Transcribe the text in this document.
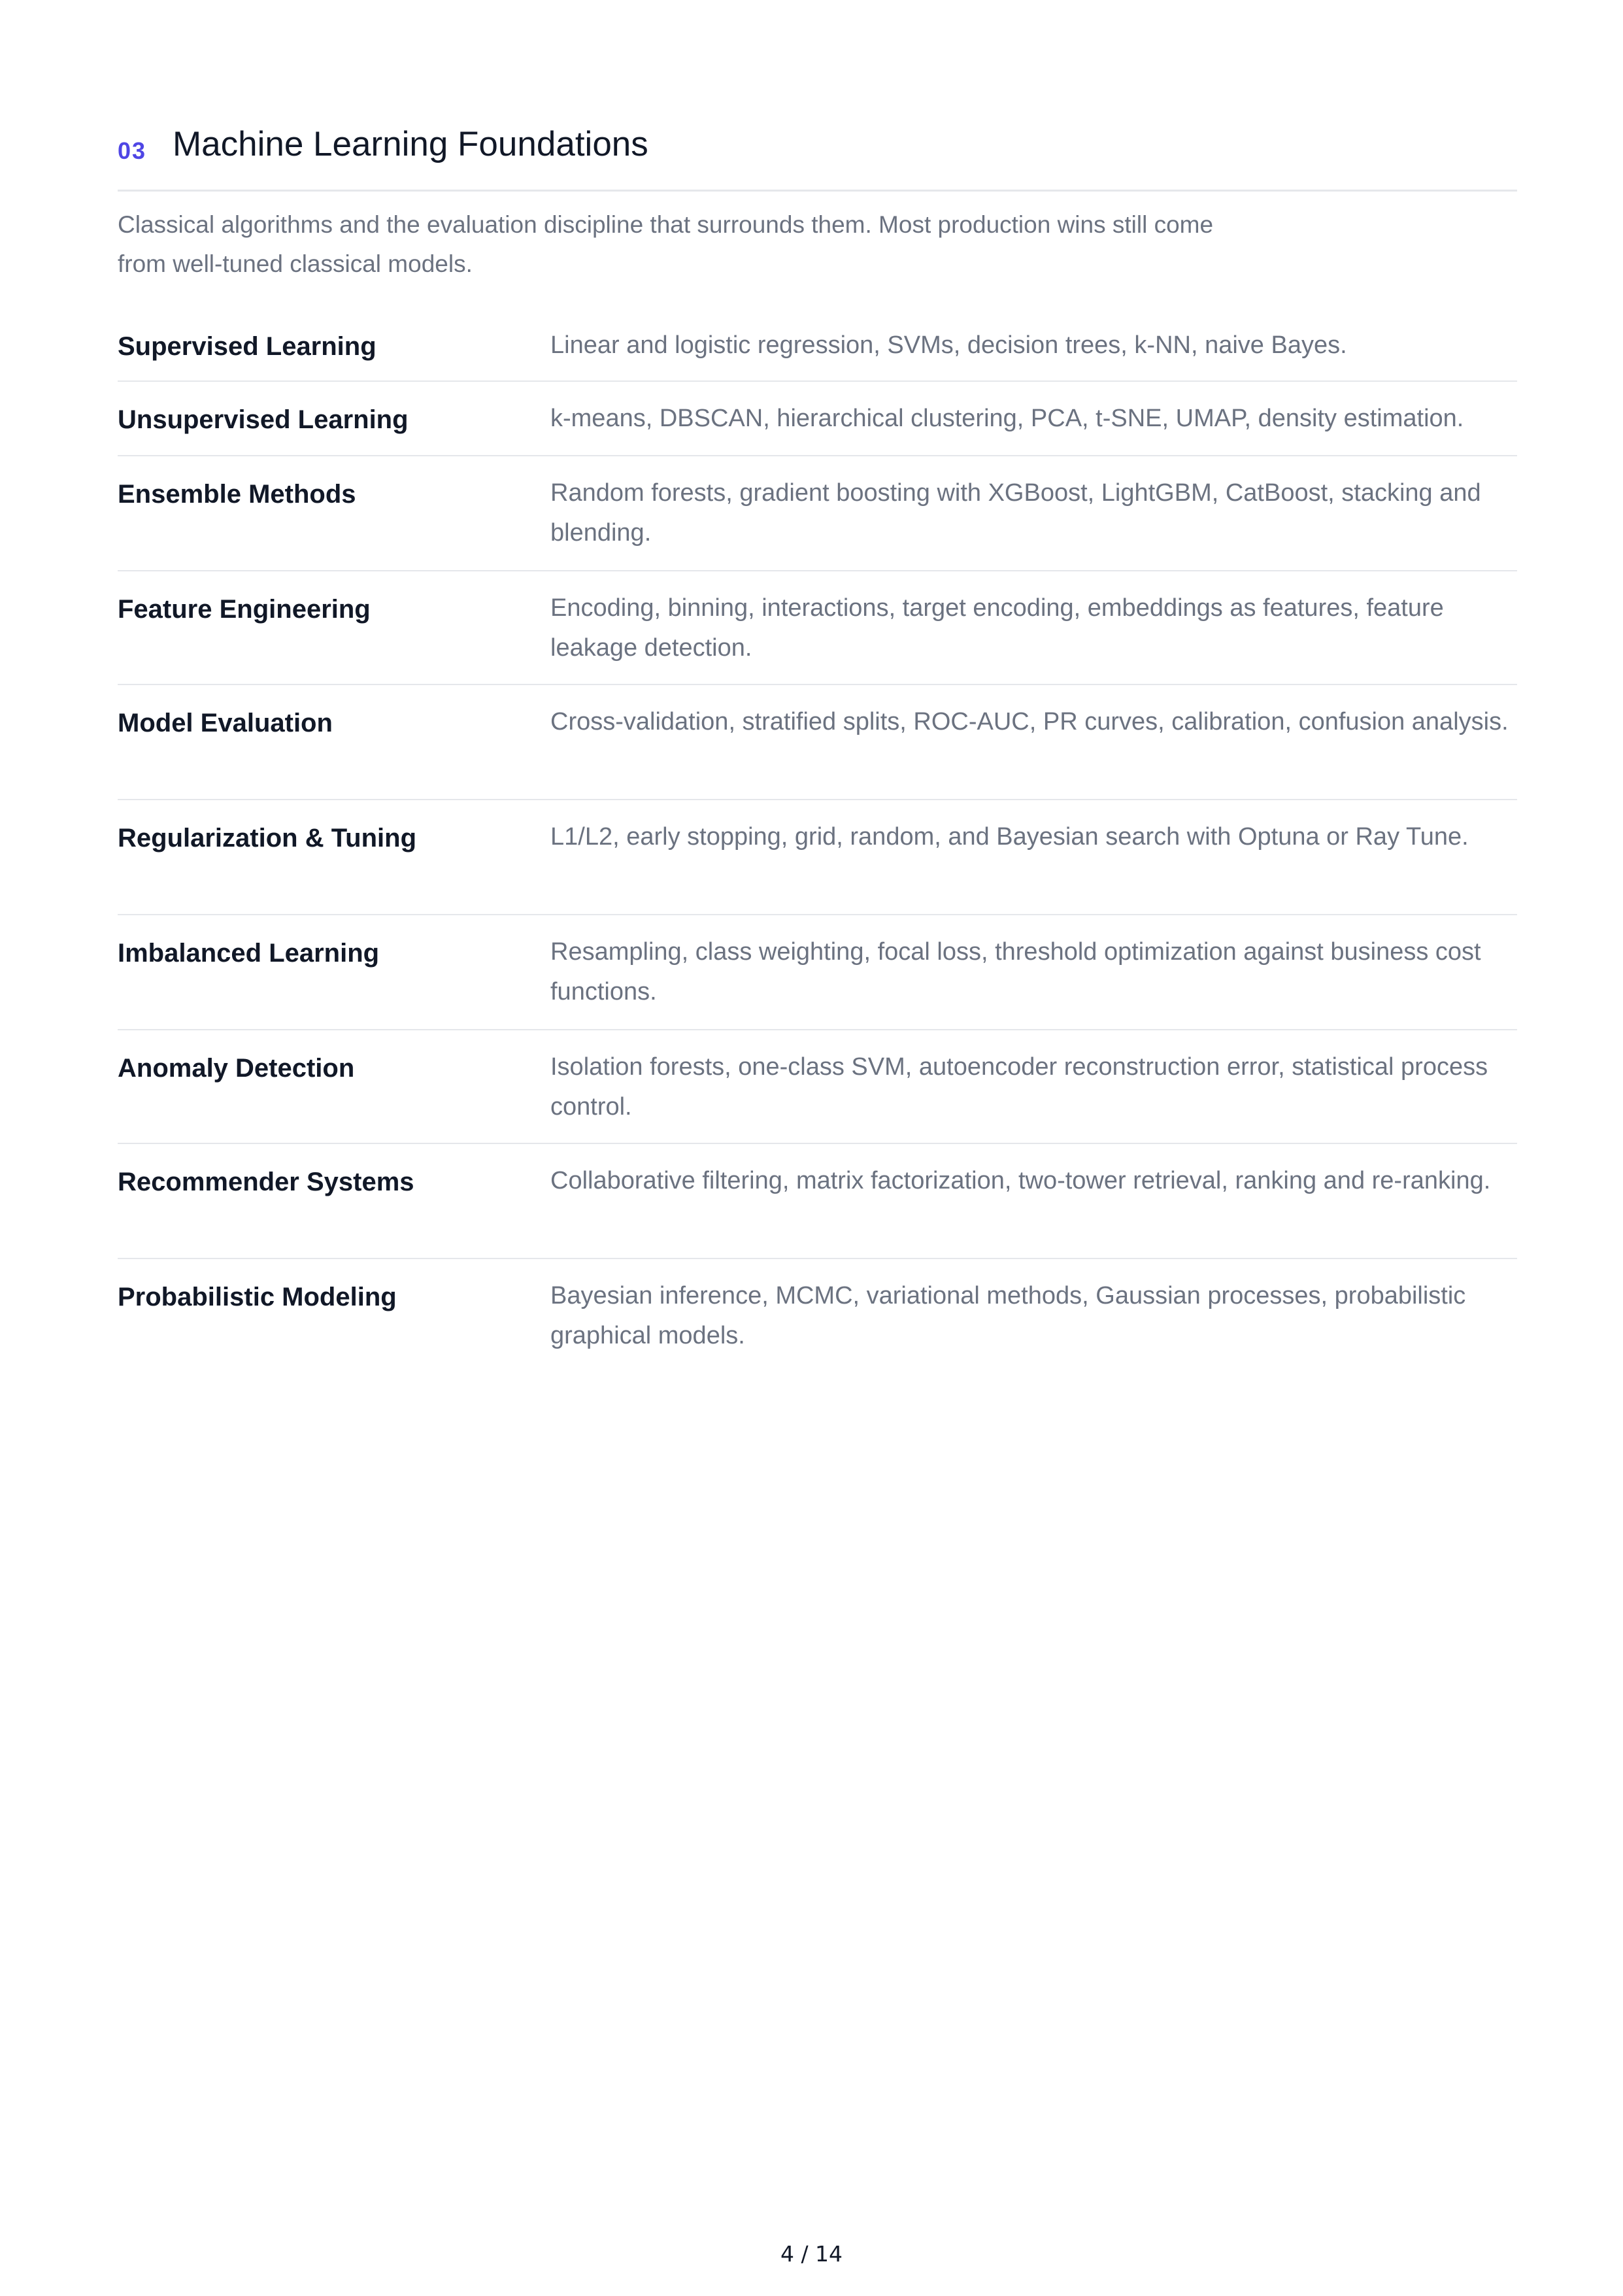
03 Machine Learning Foundations
Classical algorithms and the evaluation discipline that surrounds them. Most production wins still come from well-tuned classical models.
Supervised Learning	Linear and logistic regression, SVMs, decision trees, k-NN, naive Bayes.
Unsupervised Learning	k-means, DBSCAN, hierarchical clustering, PCA, t-SNE, UMAP, density estimation.
Ensemble Methods	Random forests, gradient boosting with XGBoost, LightGBM, CatBoost, stacking and blending.
Feature Engineering	Encoding, binning, interactions, target encoding, embeddings as features, feature leakage detection.
Model Evaluation	Cross-validation, stratified splits, ROC-AUC, PR curves, calibration, confusion analysis.
Regularization & Tuning	L1/L2, early stopping, grid, random, and Bayesian search with Optuna or Ray Tune.
Imbalanced Learning	Resampling, class weighting, focal loss, threshold optimization against business cost functions.
Anomaly Detection	Isolation forests, one-class SVM, autoencoder reconstruction error, statistical process control.
Recommender Systems	Collaborative filtering, matrix factorization, two-tower retrieval, ranking and re-ranking.
Probabilistic Modeling	Bayesian inference, MCMC, variational methods, Gaussian processes, probabilistic graphical models.
4 / 14
